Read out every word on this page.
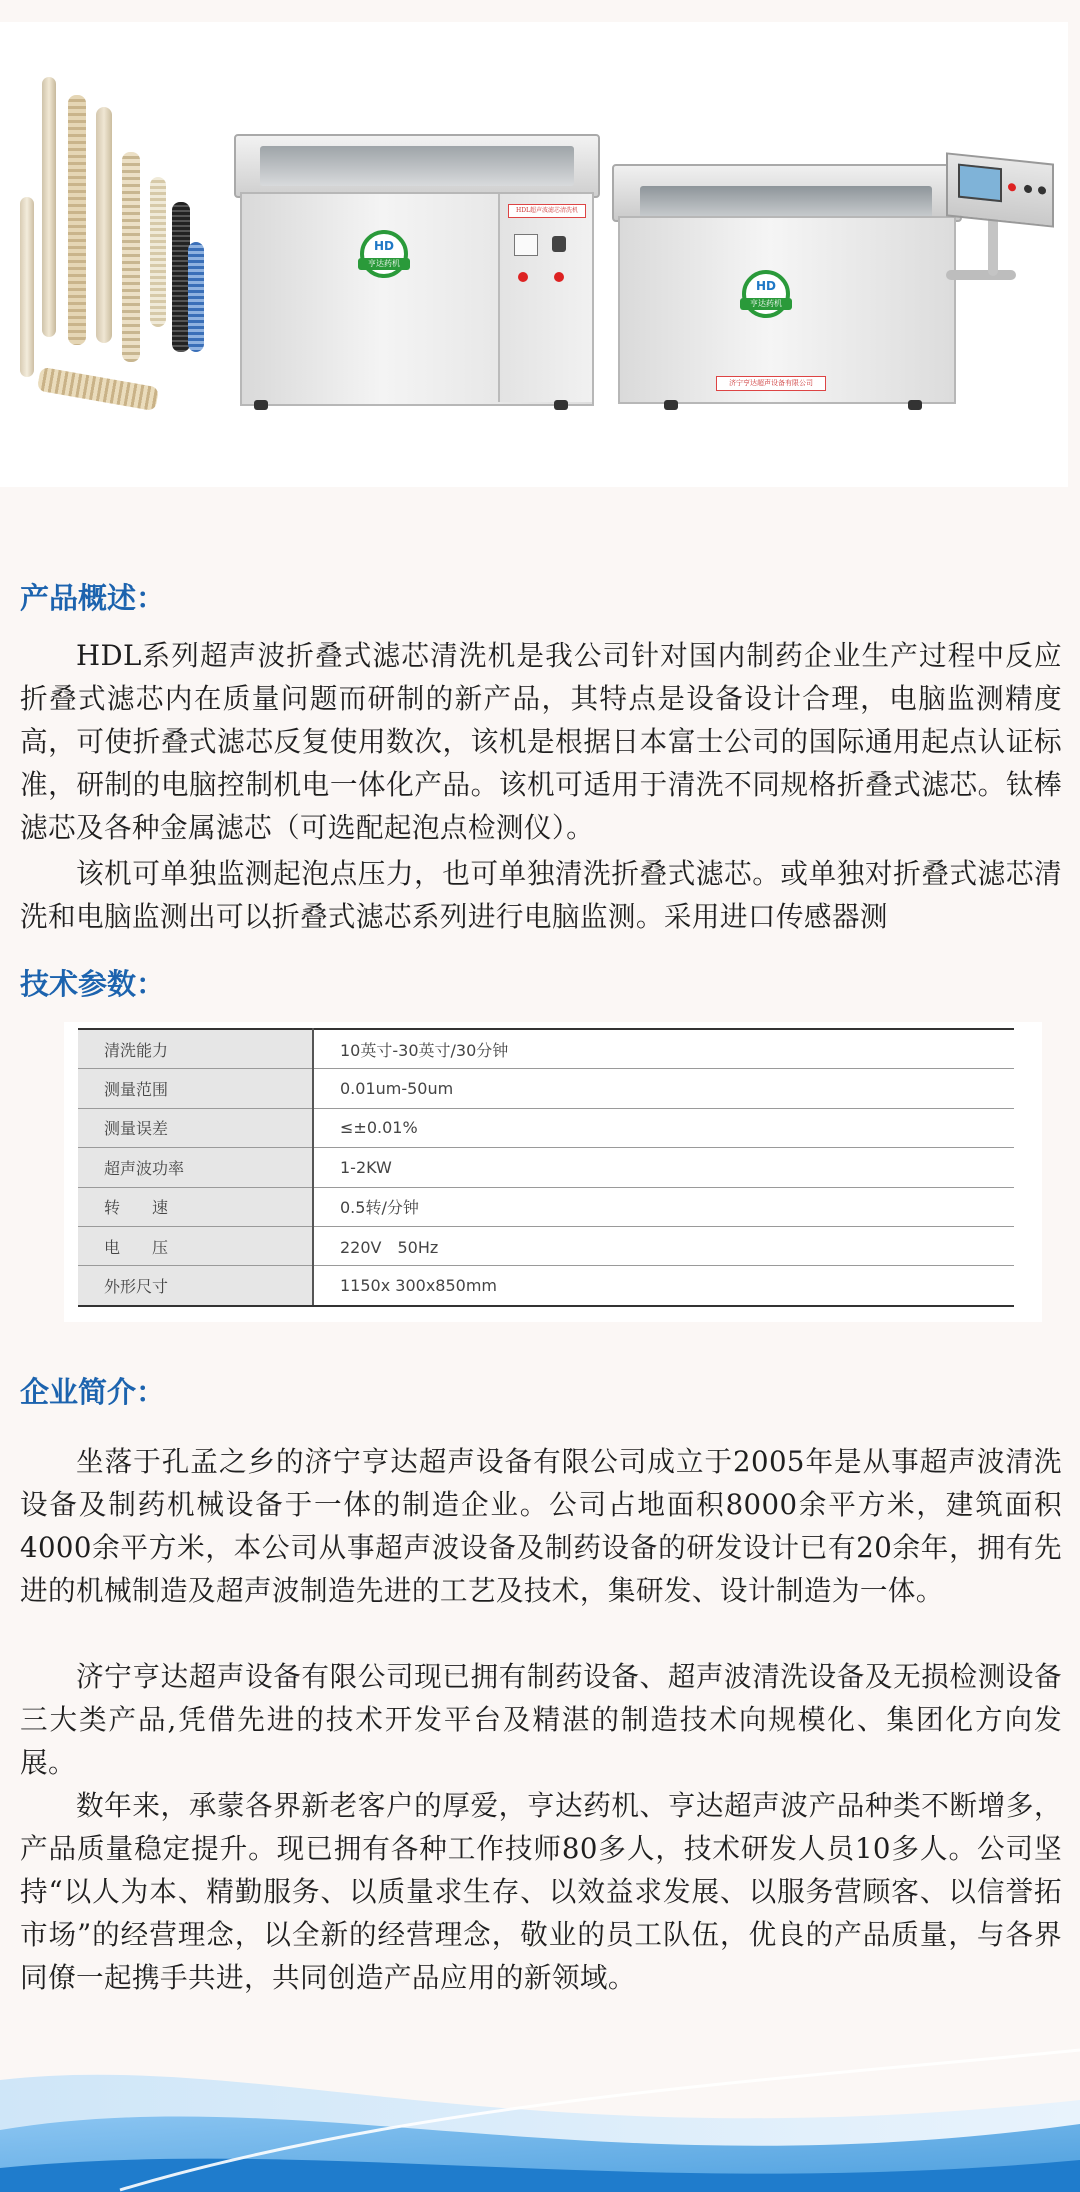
HD
亨达药机
HDL超声波滤芯清洗机
HD
亨达药机
济宁亨达超声设备有限公司
产品概述：

HDL系列超声波折叠式滤芯清洗机是我公司针对国内制药企业生产过程中反应折叠式滤芯内在质量问题而研制的新产品，其特点是设备设计合理，电脑监测精度高，可使折叠式滤芯反复使用数次，该机是根据日本富士公司的国际通用起点认证标准，研制的电脑控制机电一体化产品。该机可适用于清洗不同规格折叠式滤芯。钛棒滤芯及各种金属滤芯（可选配起泡点检测仪）。

该机可单独监测起泡点压力，也可单独清洗折叠式滤芯。或单独对折叠式滤芯清洗和电脑监测出可以折叠式滤芯系列进行电脑监测。采用进口传感器测

技术参数：
清洗能力	10英寸-30英寸/30分钟
测量范围	0.01um-50um
测量误差	≤±0.01%
超声波功率	1-2KW
转　　速	0.5转/分钟
电　　压	220V　50Hz
外形尺寸	1150x 300x850mm
企业简介：

坐落于孔孟之乡的济宁亨达超声设备有限公司成立于2005年是从事超声波清洗设备及制药机械设备于一体的制造企业。公司占地面积8000余平方米，建筑面积4000余平方米，本公司从事超声波设备及制药设备的研发设计已有20余年，拥有先进的机械制造及超声波制造先进的工艺及技术，集研发、设计制造为一体。

济宁亨达超声设备有限公司现已拥有制药设备、超声波清洗设备及无损检测设备三大类产品,凭借先进的技术开发平台及精湛的制造技术向规模化、集团化方向发展。

数年来，承蒙各界新老客户的厚爱，亨达药机、亨达超声波产品种类不断增多，产品质量稳定提升。现已拥有各种工作技师80多人，技术研发人员10多人。公司坚持“以人为本、精勤服务、以质量求生存、以效益求发展、以服务营顾客、以信誉拓市场”的经营理念，以全新的经营理念，敬业的员工队伍，优良的产品质量，与各界同僚一起携手共进，共同创造产品应用的新领域。
